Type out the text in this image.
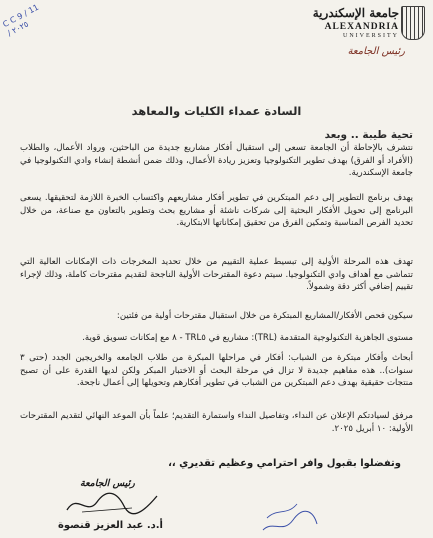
C C 9 / 11 / ٢٠٢٥
جامعة الإسكندرية
ALEXANDRIA
UNIVERSITY
رئيس الجامعة
السادة عمداء الكليات والمعاهد
تحية طيبة .. وبعد

نتشرف بالإحاطة أن الجامعة تسعى إلى استقبال أفكار مشاريع جديدة من الباحثين، ورواد الأعمال، والطلاب (الأفراد أو الفرق) بهدف تطوير التكنولوجيا وتعزيز ريادة الأعمال، وذلك ضمن أنشطة إنشاء وادي التكنولوجيا في جامعة الإسكندرية.

يهدف برنامج التطوير إلى دعم المبتكرين في تطوير أفكار مشاريعهم واكتساب الخبرة اللازمة لتحقيقها. يسعى البرنامج إلى تحويل الأفكار البحثية إلى شركات ناشئة أو مشاريع بحث وتطوير بالتعاون مع صناعة، من خلال تحديد الفرص المناسبة وتمكين الفرق من تحقيق إمكاناتها الابتكارية.

تهدف هذه المرحلة الأولية إلى تبسيط عملية التقييم من خلال تحديد المخرجات ذات الإمكانات العالية التي تتماشى مع أهداف وادي التكنولوجيا. سيتم دعوة المقترحات الأولية الناجحة لتقديم مقترحات كاملة، وذلك لإجراء تقييم إضافي أكثر دقة وشمولاً.

سيكون فحص الأفكار/المشاريع المبتكرة من خلال استقبال مقترحات أولية من فئتين:

مستوى الجاهزية التكنولوجية المتقدمة (TRL): مشاريع في TRL٥ - ٨ مع إمكانات تسويق قوية.

أبحاث وأفكار مبتكرة من الشباب: أفكار في مراحلها المبكرة من طلاب الجامعه والخريجين الجدد (حتى ٣ سنوات).. هذه مفاهيم جديدة لا تزال في مرحلة البحث أو الاختبار المبكر ولكن لديها القدرة على أن تصبح منتجات حقيقية بهدف دعم المبتكرين من الشباب في تطوير أفكارهم وتحويلها إلى أعمال ناجحة.

مرفق لسيادتكم الإعلان عن النداء، وتفاصيل النداء واستمارة التقديم؛ علماً بأن الموعد النهائي لتقديم المقترحات الأولية: ١٠ أبريل ٢٠٢٥.

وتفضلوا بقبول وافر احترامي وعظيم تقديري ،،
رئيس الجامعة
أ.د. عبد العزيز قنصوة
